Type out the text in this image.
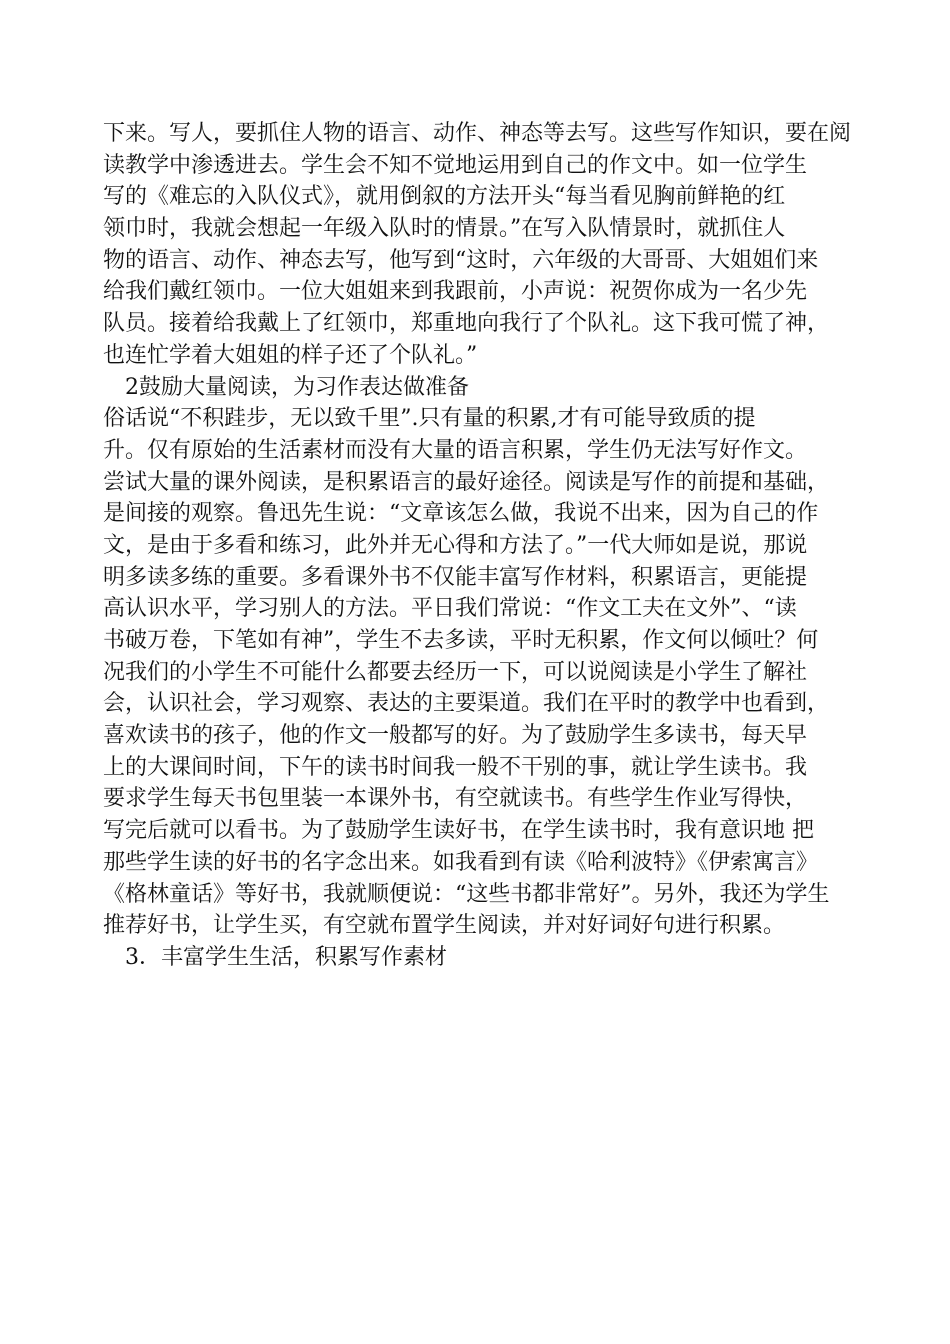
下来。写人，要抓住人物的语言、动作、神态等去写。这些写作知识，要在阅
读教学中渗透进去。学生会不知不觉地运用到自己的作文中。如一位学生
写的《难忘的入队仪式》，就用倒叙的方法开头“每当看见胸前鲜艳的红
领巾时，我就会想起一年级入队时的情景。”在写入队情景时，就抓住人
物的语言、动作、神态去写，他写到“这时，六年级的大哥哥、大姐姐们来
给我们戴红领巾。一位大姐姐来到我跟前，小声说：祝贺你成为一名少先
队员。接着给我戴上了红领巾，郑重地向我行了个队礼。这下我可慌了神，
也连忙学着大姐姐的样子还了个队礼。”
　2鼓励大量阅读，为习作表达做准备
俗话说“不积跬步，无以致千里”.只有量的积累,才有可能导致质的提
升。仅有原始的生活素材而没有大量的语言积累，学生仍无法写好作文。
尝试大量的课外阅读，是积累语言的最好途径。阅读是写作的前提和基础，
是间接的观察。鲁迅先生说：“文章该怎么做，我说不出来，因为自己的作
文，是由于多看和练习，此外并无心得和方法了。”一代大师如是说，那说
明多读多练的重要。多看课外书不仅能丰富写作材料，积累语言，更能提
高认识水平，学习别人的方法。平日我们常说：“作文工夫在文外”、“读
书破万卷，下笔如有神”，学生不去多读，平时无积累，作文何以倾吐？何
况我们的小学生不可能什么都要去经历一下，可以说阅读是小学生了解社
会，认识社会，学习观察、表达的主要渠道。我们在平时的教学中也看到，
喜欢读书的孩子，他的作文一般都写的好。为了鼓励学生多读书，每天早
上的大课间时间，下午的读书时间我一般不干别的事，就让学生读书。我
要求学生每天书包里装一本课外书，有空就读书。有些学生作业写得快，
写完后就可以看书。为了鼓励学生读好书，在学生读书时，我有意识地 把
那些学生读的好书的名字念出来。如我看到有读《哈利波特》《伊索寓言》
《格林童话》等好书，我就顺便说：“这些书都非常好”。另外，我还为学生
推荐好书，让学生买，有空就布置学生阅读，并对好词好句进行积累。
　3．丰富学生生活，积累写作素材
